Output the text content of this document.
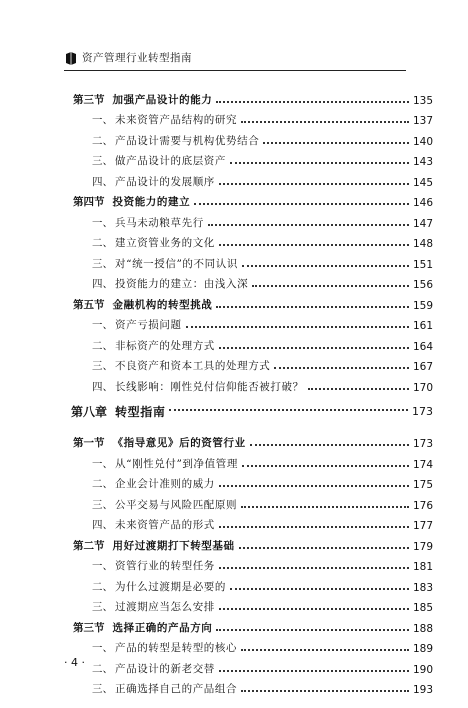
资产管理行业转型指南
第三节 加强产品设计的能力	135
一、 未来资管产品结构的研究	137
二、 产品设计需要与机构优势结合	140
三、 做产品设计的底层资产	143
四、 产品设计的发展顺序	145
第四节 投资能力的建立	146
一、 兵马未动粮草先行	147
二、 建立资管业务的文化	148
三、 对“统一授信”的不同认识	151
四、 投资能力的建立：由浅入深	156
第五节 金融机构的转型挑战	159
一、 资产亏损问题	161
二、 非标资产的处理方式	164
三、 不良资产和资本工具的处理方式	167
四、 长线影响：刚性兑付信仰能否被打破？	170
第八章 转型指南	173
第一节 《指导意见》后的资管行业	173
一、 从“刚性兑付”到净值管理	174
二、 企业会计准则的威力	175
三、 公平交易与风险匹配原则	176
四、 未来资管产品的形式	177
第二节 用好过渡期打下转型基础	179
一、 资管行业的转型任务	181
二、 为什么过渡期是必要的	183
三、 过渡期应当怎么安排	185
第三节 选择正确的产品方向	188
一、 产品的转型是转型的核心	189
二、 产品设计的新老交替	190
三、 正确选择自己的产品组合	193
· 4 ·
